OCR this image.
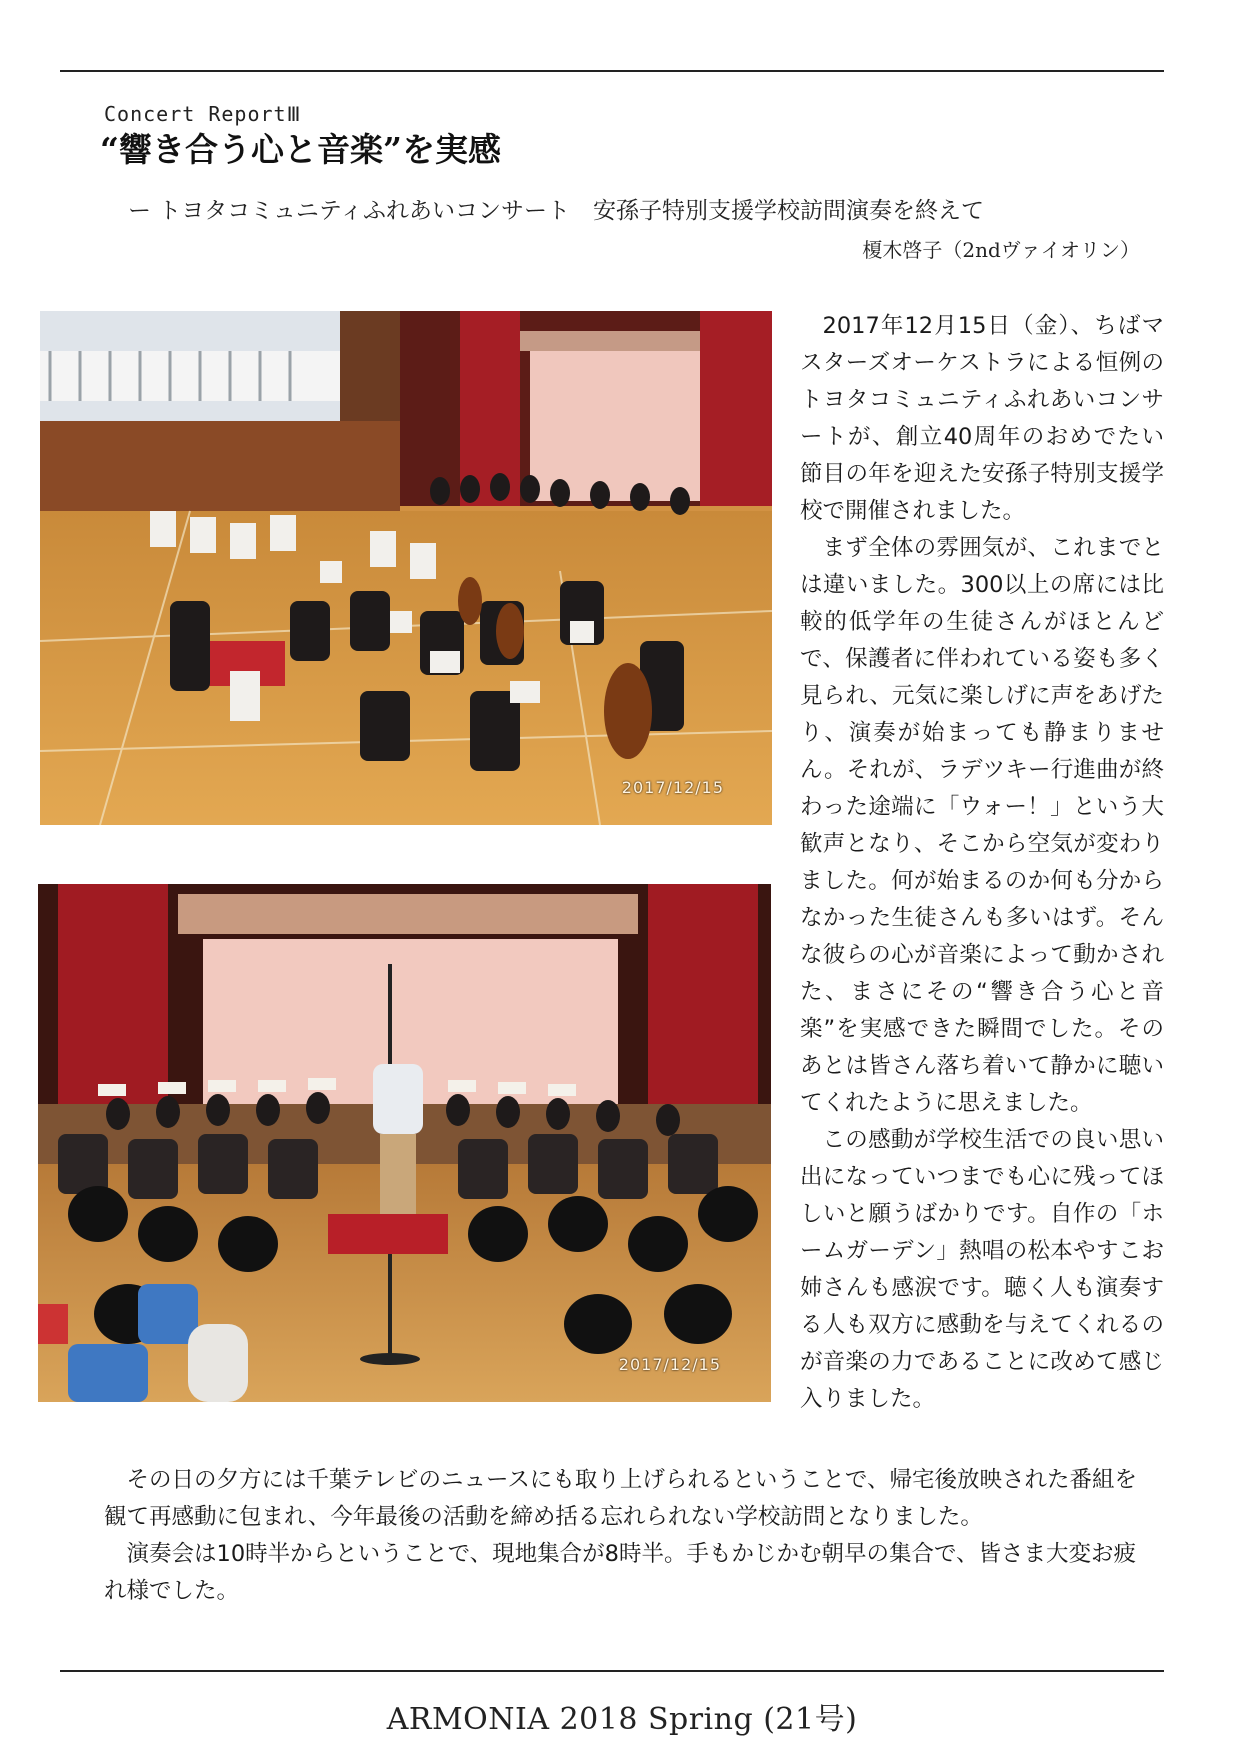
Concert ReportⅢ
“響き合う心と音楽”を実感
ー トヨタコミュニティふれあいコンサート　安孫子特別支援学校訪問演奏を終えて
榎木啓子（2ndヴァイオリン）
2017/12/15
2017/12/15

2017年12月15日（金）、ちばマスターズオーケストラによる恒例のトヨタコミュニティふれあいコンサートが、創立40周年のおめでたい節目の年を迎えた安孫子特別支援学校で開催されました。

まず全体の雰囲気が、これまでとは違いました。300以上の席には比較的低学年の生徒さんがほとんどで、保護者に伴われている姿も多く見られ、元気に楽しげに声をあげたり、演奏が始まっても静まりません。それが、ラデツキー行進曲が終わった途端に「ウォー！」という大歓声となり、そこから空気が変わりました。何が始まるのか何も分からなかった生徒さんも多いはず。そんな彼らの心が音楽によって動かされた、まさにその“響き合う心と音楽”を実感できた瞬間でした。そのあとは皆さん落ち着いて静かに聴いてくれたように思えました。

この感動が学校生活での良い思い出になっていつまでも心に残ってほしいと願うばかりです。自作の「ホームガーデン」熱唱の松本やすこお姉さんも感涙です。聴く人も演奏する人も双方に感動を与えてくれるのが音楽の力であることに改めて感じ入りました。

その日の夕方には千葉テレビのニュースにも取り上げられるということで、帰宅後放映された番組を観て再感動に包まれ、今年最後の活動を締め括る忘れられない学校訪問となりました。

演奏会は10時半からということで、現地集合が8時半。手もかじかむ朝早の集合で、皆さま大変お疲れ様でした。

ARMONIA 2018 Spring (21号)
